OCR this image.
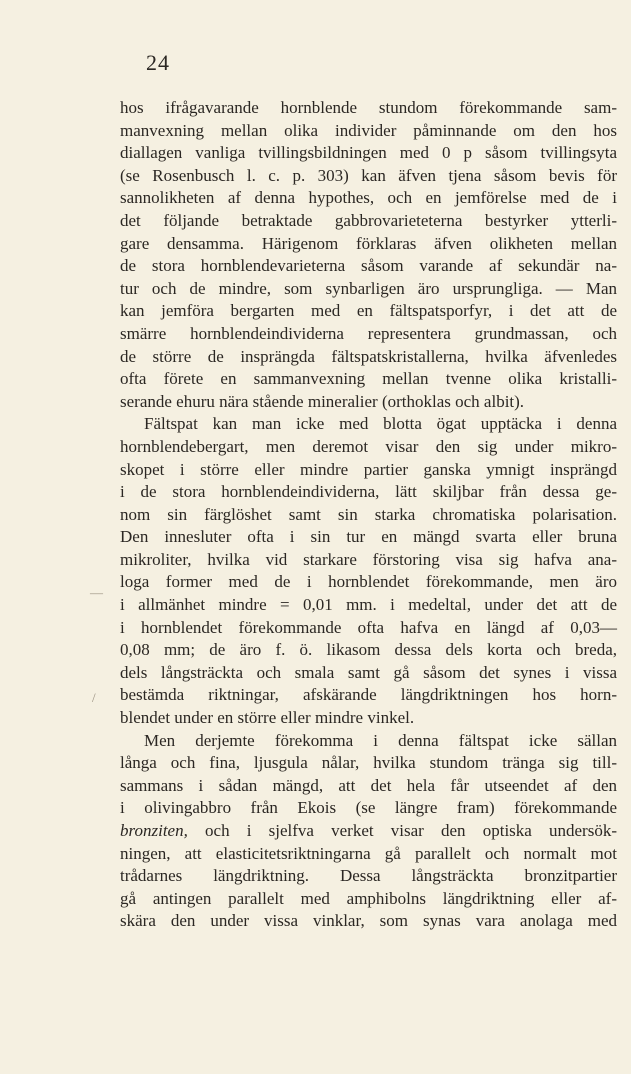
24
hos ifrågavarande hornblende stundom förekommande sam-
manvexning mellan olika individer påminnande om den hos
diallagen vanliga tvillingsbildningen med 0 p såsom tvillingsyta
(se Rosenbusch l. c. p. 303) kan äfven tjena såsom bevis för
sannolikheten af denna hypothes, och en jemförelse med de i
det följande betraktade gabbrovarieteterna bestyrker ytterli-
gare densamma. Härigenom förklaras äfven olikheten mellan
de stora hornblendevarieterna såsom varande af sekundär na-
tur och de mindre, som synbarligen äro ursprungliga. — Man
kan jemföra bergarten med en fältspatsporfyr, i det att de
smärre hornblendeindividerna representera grundmassan, och
de större de insprängda fältspatskristallerna, hvilka äfvenledes
ofta förete en sammanvexning mellan tvenne olika kristalli-
serande ehuru nära stående mineralier (orthoklas och albit).
Fältspat kan man icke med blotta ögat upptäcka i denna
hornblendebergart, men deremot visar den sig under mikro-
skopet i större eller mindre partier ganska ymnigt insprängd
i de stora hornblendeindividerna, lätt skiljbar från dessa ge-
nom sin färglöshet samt sin starka chromatiska polarisation.
Den innesluter ofta i sin tur en mängd svarta eller bruna
mikroliter, hvilka vid starkare förstoring visa sig hafva ana-
loga former med de i hornblendet förekommande, men äro
i allmänhet mindre = 0,01 mm. i medeltal, under det att de
i hornblendet förekommande ofta hafva en längd af 0,03—
0,08 mm; de äro f. ö. likasom dessa dels korta och breda,
dels långsträckta och smala samt gå såsom det synes i vissa
bestämda riktningar, afskärande längdriktningen hos horn-
blendet under en större eller mindre vinkel.
Men derjemte förekomma i denna fältspat icke sällan
långa och fina, ljusgula nålar, hvilka stundom tränga sig till-
sammans i sådan mängd, att det hela får utseendet af den
i olivingabbro från Ekois (se längre fram) förekommande
bronziten, och i sjelfva verket visar den optiska undersök-
ningen, att elasticitetsriktningarna gå parallelt och normalt mot
trådarnes längdriktning. Dessa långsträckta bronzitpartier
gå antingen parallelt med amphibolns längdriktning eller af-
skära den under vissa vinklar, som synas vara anolaga med
—
/
